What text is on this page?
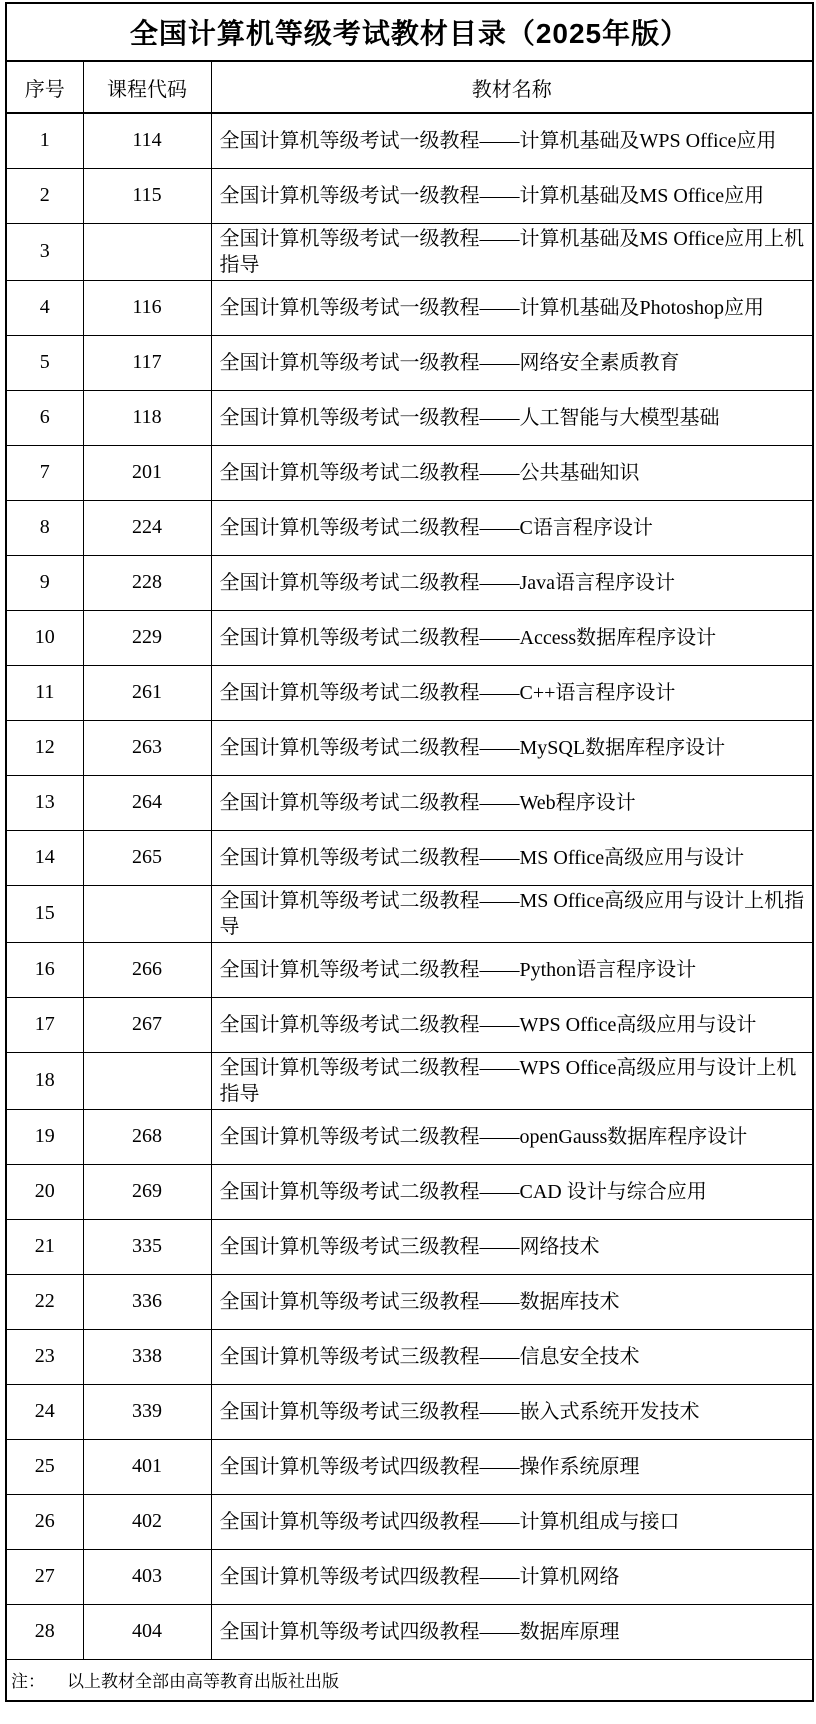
全国计算机等级考试教材目录（2025年版）		
序号	课程代码	教材名称
1	114	全国计算机等级考试一级教程——计算机基础及WPS Office应用
2	115	全国计算机等级考试一级教程——计算机基础及MS Office应用
3		全国计算机等级考试一级教程——计算机基础及MS Office应用上机指导
4	116	全国计算机等级考试一级教程——计算机基础及Photoshop应用
5	117	全国计算机等级考试一级教程——网络安全素质教育
6	118	全国计算机等级考试一级教程——人工智能与大模型基础
7	201	全国计算机等级考试二级教程——公共基础知识
8	224	全国计算机等级考试二级教程——C语言程序设计
9	228	全国计算机等级考试二级教程——Java语言程序设计
10	229	全国计算机等级考试二级教程——Access数据库程序设计
11	261	全国计算机等级考试二级教程——C++语言程序设计
12	263	全国计算机等级考试二级教程——MySQL数据库程序设计
13	264	全国计算机等级考试二级教程——Web程序设计
14	265	全国计算机等级考试二级教程——MS Office高级应用与设计
15		全国计算机等级考试二级教程——MS Office高级应用与设计上机指导
16	266	全国计算机等级考试二级教程——Python语言程序设计
17	267	全国计算机等级考试二级教程——WPS Office高级应用与设计
18		全国计算机等级考试二级教程——WPS Office高级应用与设计上机指导
19	268	全国计算机等级考试二级教程——openGauss数据库程序设计
20	269	全国计算机等级考试二级教程——CAD 设计与综合应用
21	335	全国计算机等级考试三级教程——网络技术
22	336	全国计算机等级考试三级教程——数据库技术
23	338	全国计算机等级考试三级教程——信息安全技术
24	339	全国计算机等级考试三级教程——嵌入式系统开发技术
25	401	全国计算机等级考试四级教程——操作系统原理
26	402	全国计算机等级考试四级教程——计算机组成与接口
27	403	全国计算机等级考试四级教程——计算机网络
28	404	全国计算机等级考试四级教程——数据库原理
注： 以上教材全部由高等教育出版社出版		
